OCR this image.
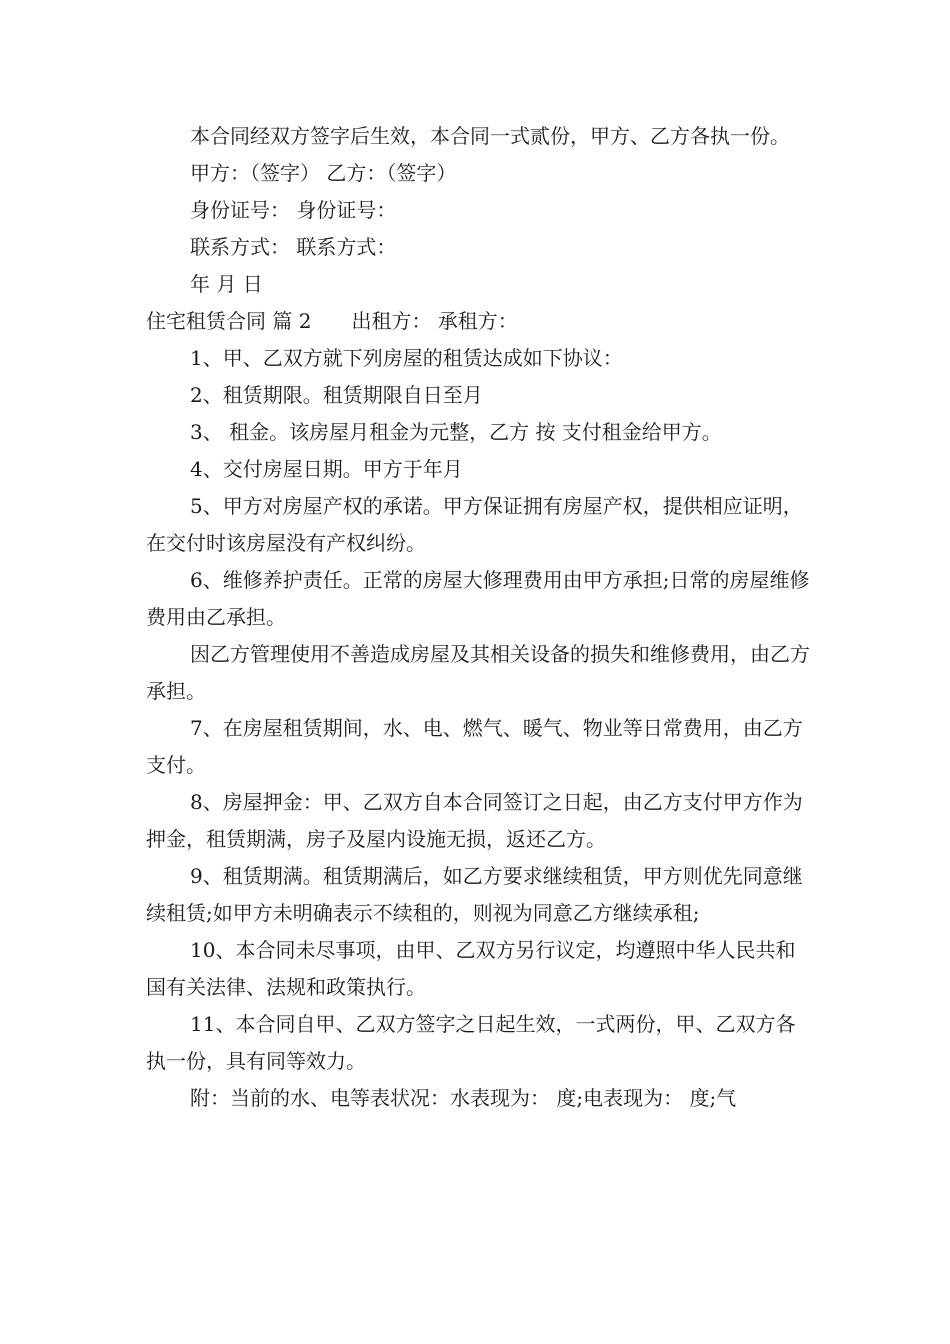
本合同经双方签字后生效，本合同一式贰份，甲方、乙方各执一份。

甲方：（签字） 乙方：（签字）

身份证号： 身份证号：

联系方式： 联系方式：

年 月 日

住宅租赁合同 篇 2 出租方： 承租方：

1、甲、乙双方就下列房屋的租赁达成如下协议：

2、租赁期限。租赁期限自日至月

3、 租金。该房屋月租金为元整，乙方 按 支付租金给甲方。

4、交付房屋日期。甲方于年月

5、甲方对房屋产权的承诺。甲方保证拥有房屋产权，提供相应证明，在交付时该房屋没有产权纠纷。

6、维修养护责任。正常的房屋大修理费用由甲方承担;日常的房屋维修费用由乙承担。

因乙方管理使用不善造成房屋及其相关设备的损失和维修费用，由乙方承担。

7、在房屋租赁期间，水、电、燃气、暖气、物业等日常费用，由乙方支付。

8、房屋押金：甲、乙双方自本合同签订之日起，由乙方支付甲方作为押金，租赁期满，房子及屋内设施无损，返还乙方。

9、租赁期满。租赁期满后，如乙方要求继续租赁，甲方则优先同意继续租赁;如甲方未明确表示不续租的，则视为同意乙方继续承租;

10、本合同未尽事项，由甲、乙双方另行议定，均遵照中华人民共和国有关法律、法规和政策执行。

11、本合同自甲、乙双方签字之日起生效，一式两份，甲、乙双方各执一份，具有同等效力。

附：当前的水、电等表状况：水表现为： 度;电表现为： 度;气
